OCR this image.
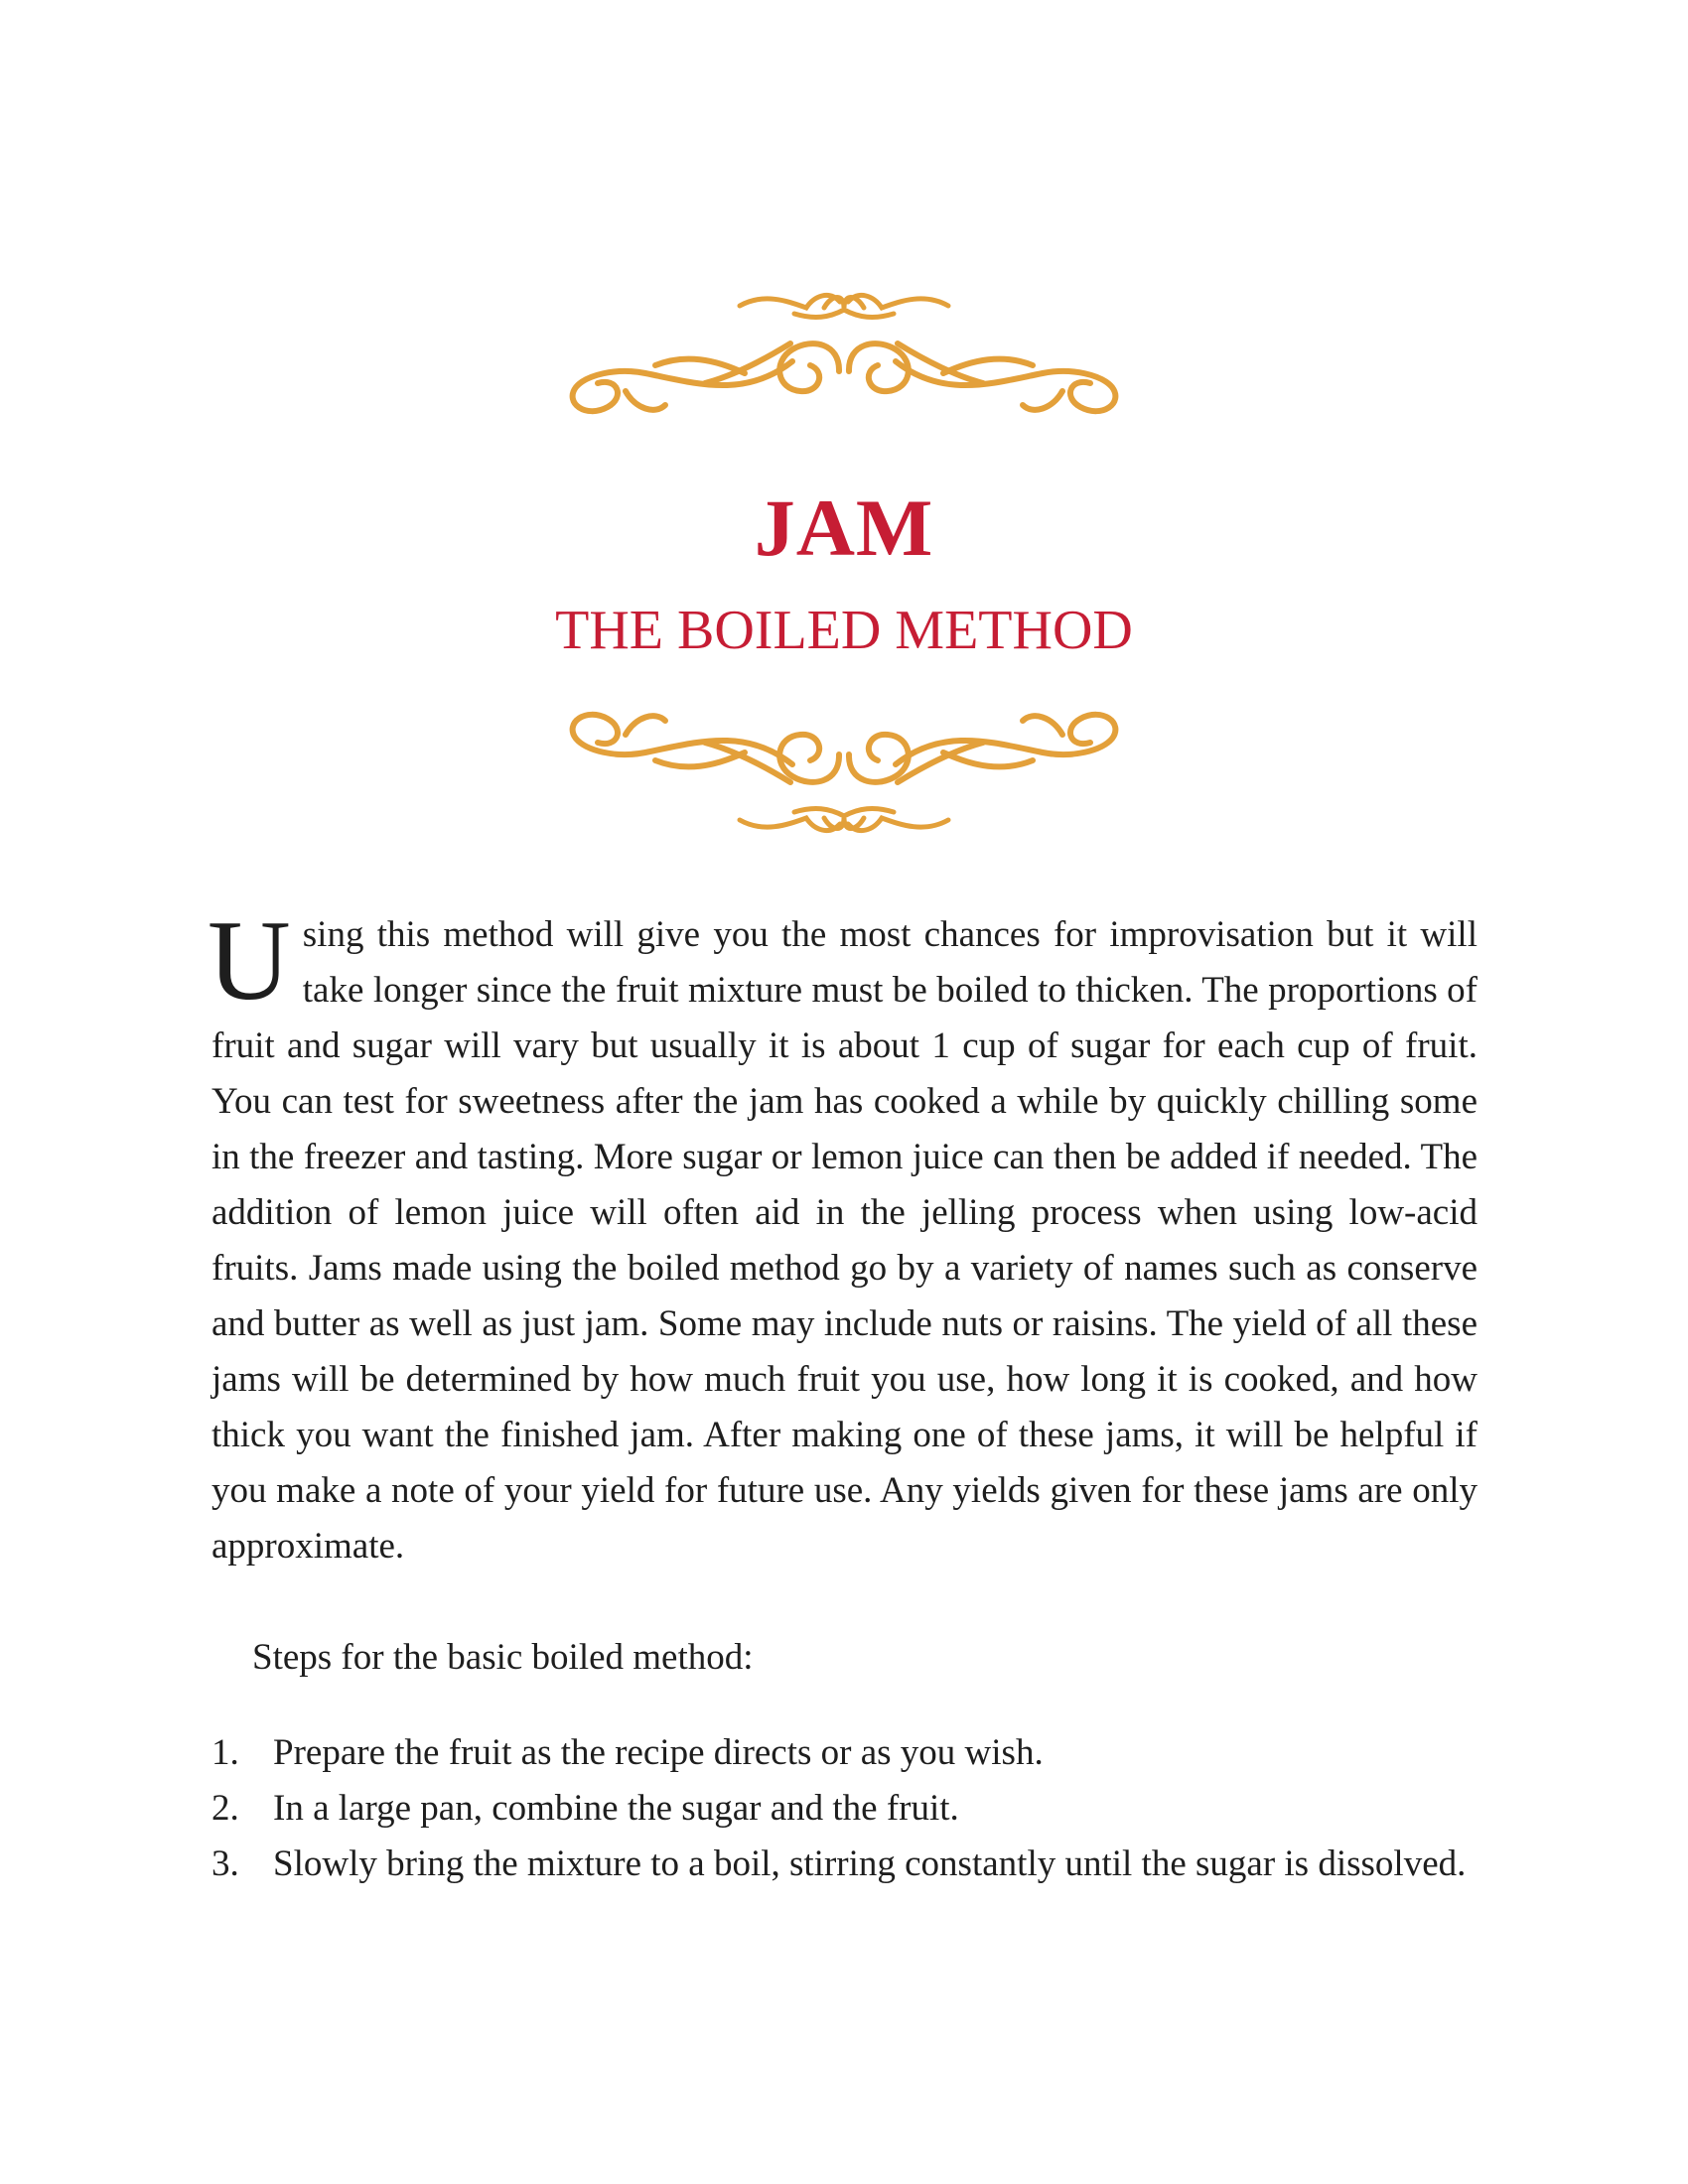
JAM
THE BOILED METHOD
U sing this method will give you the most chances for improvisation but it will take longer since the fruit mixture must be boiled to thicken. The proportions of fruit and sugar will vary but usually it is about 1 cup of sugar for each cup of fruit. You can test for sweetness after the jam has cooked a while by quickly chilling some in the freezer and tasting. More sugar or lemon juice can then be added if needed. The addition of lemon juice will often aid in the jelling process when using low-acid fruits. Jams made using the boiled method go by a variety of names such as conserve and butter as well as just jam. Some may include nuts or raisins. The yield of all these jams will be determined by how much fruit you use, how long it is cooked, and how thick you want the finished jam. After making one of these jams, it will be helpful if you make a note of your yield for future use. Any yields given for these jams are only approximate.
Steps for the basic boiled method:
1. Prepare the fruit as the recipe directs or as you wish.
2. In a large pan, combine the sugar and the fruit.
3. Slowly bring the mixture to a boil, stirring constantly until the sugar is dissolved.
